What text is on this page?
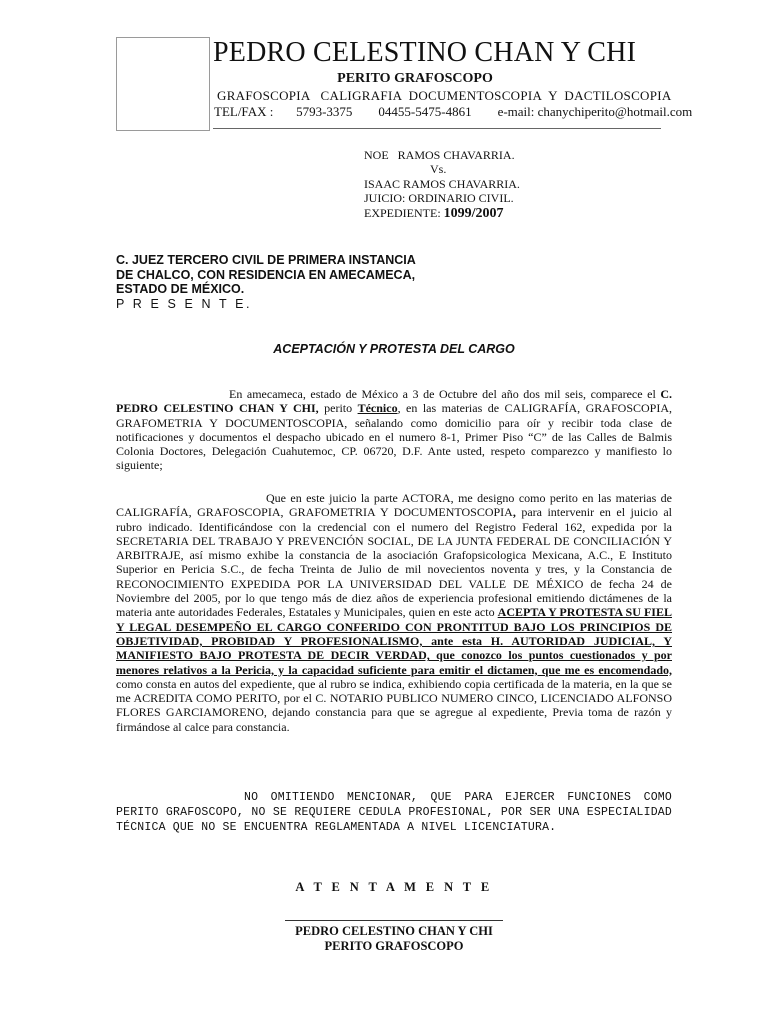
PEDRO CELESTINO CHAN Y CHI
PERITO GRAFOSCOPO
GRAFOSCOPIA   CALIGRAFIA  DOCUMENTOSCOPIA  Y  DACTILOSCOPIA
TEL/FAX :       5793-3375        04455-5475-4861        e-mail: chanychiperito@hotmail.com
NOE   RAMOS CHAVARRIA.
Vs.
ISAAC RAMOS CHAVARRIA.
JUICIO: ORDINARIO CIVIL.
EXPEDIENTE: 1099/2007
C. JUEZ TERCERO CIVIL DE PRIMERA INSTANCIA
DE CHALCO, CON RESIDENCIA EN AMECAMECA,
ESTADO DE MÉXICO.
P R E S E N T E.
ACEPTACIÓN Y PROTESTA DEL CARGO
En amecameca, estado de México a 3 de Octubre del año dos mil seis, comparece el C. PEDRO CELESTINO CHAN Y CHI, perito Técnico, en las materias de CALIGRAFÍA, GRAFOSCOPIA, GRAFOMETRIA Y DOCUMENTOSCOPIA, señalando como domicilio para oír y recibir toda clase de notificaciones y documentos el despacho ubicado en el numero 8-1, Primer Piso “C” de las Calles de Balmis Colonia Doctores, Delegación Cuahutemoc, CP. 06720, D.F. Ante usted, respeto comparezco y manifiesto lo siguiente;
Que en este juicio la parte ACTORA, me designo como perito en las materias de CALIGRAFÍA, GRAFOSCOPIA, GRAFOMETRIA Y DOCUMENTOSCOPIA, para intervenir en el juicio al rubro indicado. Identificándose con la credencial con el numero del Registro Federal 162, expedida por la SECRETARIA DEL TRABAJO Y PREVENCIÓN SOCIAL, DE LA JUNTA FEDERAL DE CONCILIACIÓN Y ARBITRAJE, así mismo exhibe la constancia de la asociación Grafopsicologica Mexicana, A.C., E Instituto Superior en Pericia S.C., de fecha Treinta de Julio de mil novecientos noventa y tres, y la Constancia de RECONOCIMIENTO EXPEDIDA POR LA UNIVERSIDAD DEL VALLE DE MÉXICO de fecha 24 de Noviembre del 2005, por lo que tengo más de diez años de experiencia profesional emitiendo dictámenes de la materia ante autoridades Federales, Estatales y Municipales, quien en este acto ACEPTA Y PROTESTA SU FIEL Y LEGAL DESEMPEÑO EL CARGO CONFERIDO CON PRONTITUD BAJO LOS PRINCIPIOS DE OBJETIVIDAD, PROBIDAD Y PROFESIONALISMO, ante esta H. AUTORIDAD JUDICIAL, Y MANIFIESTO BAJO PROTESTA DE DECIR VERDAD, que conozco los puntos cuestionados y por menores relativos a la Pericia, y la capacidad suficiente para emitir el dictamen, que me es encomendado, como consta en autos del expediente, que al rubro se indica, exhibiendo copia certificada de la materia, en la que se me ACREDITA COMO PERITO, por el C. NOTARIO PUBLICO NUMERO CINCO, LICENCIADO ALFONSO FLORES GARCIAMORENO, dejando constancia para que se agregue al expediente, Previa toma de razón y firmándose al calce para constancia.
NO OMITIENDO MENCIONAR, QUE PARA EJERCER FUNCIONES COMO PERITO GRAFOSCOPO, NO SE REQUIERE CEDULA PROFESIONAL, POR SER UNA ESPECIALIDAD TÉCNICA QUE NO SE ENCUENTRA REGLAMENTADA A NIVEL LICENCIATURA.
A T E N T A M E N T E
PEDRO CELESTINO CHAN Y CHI
PERITO GRAFOSCOPO
